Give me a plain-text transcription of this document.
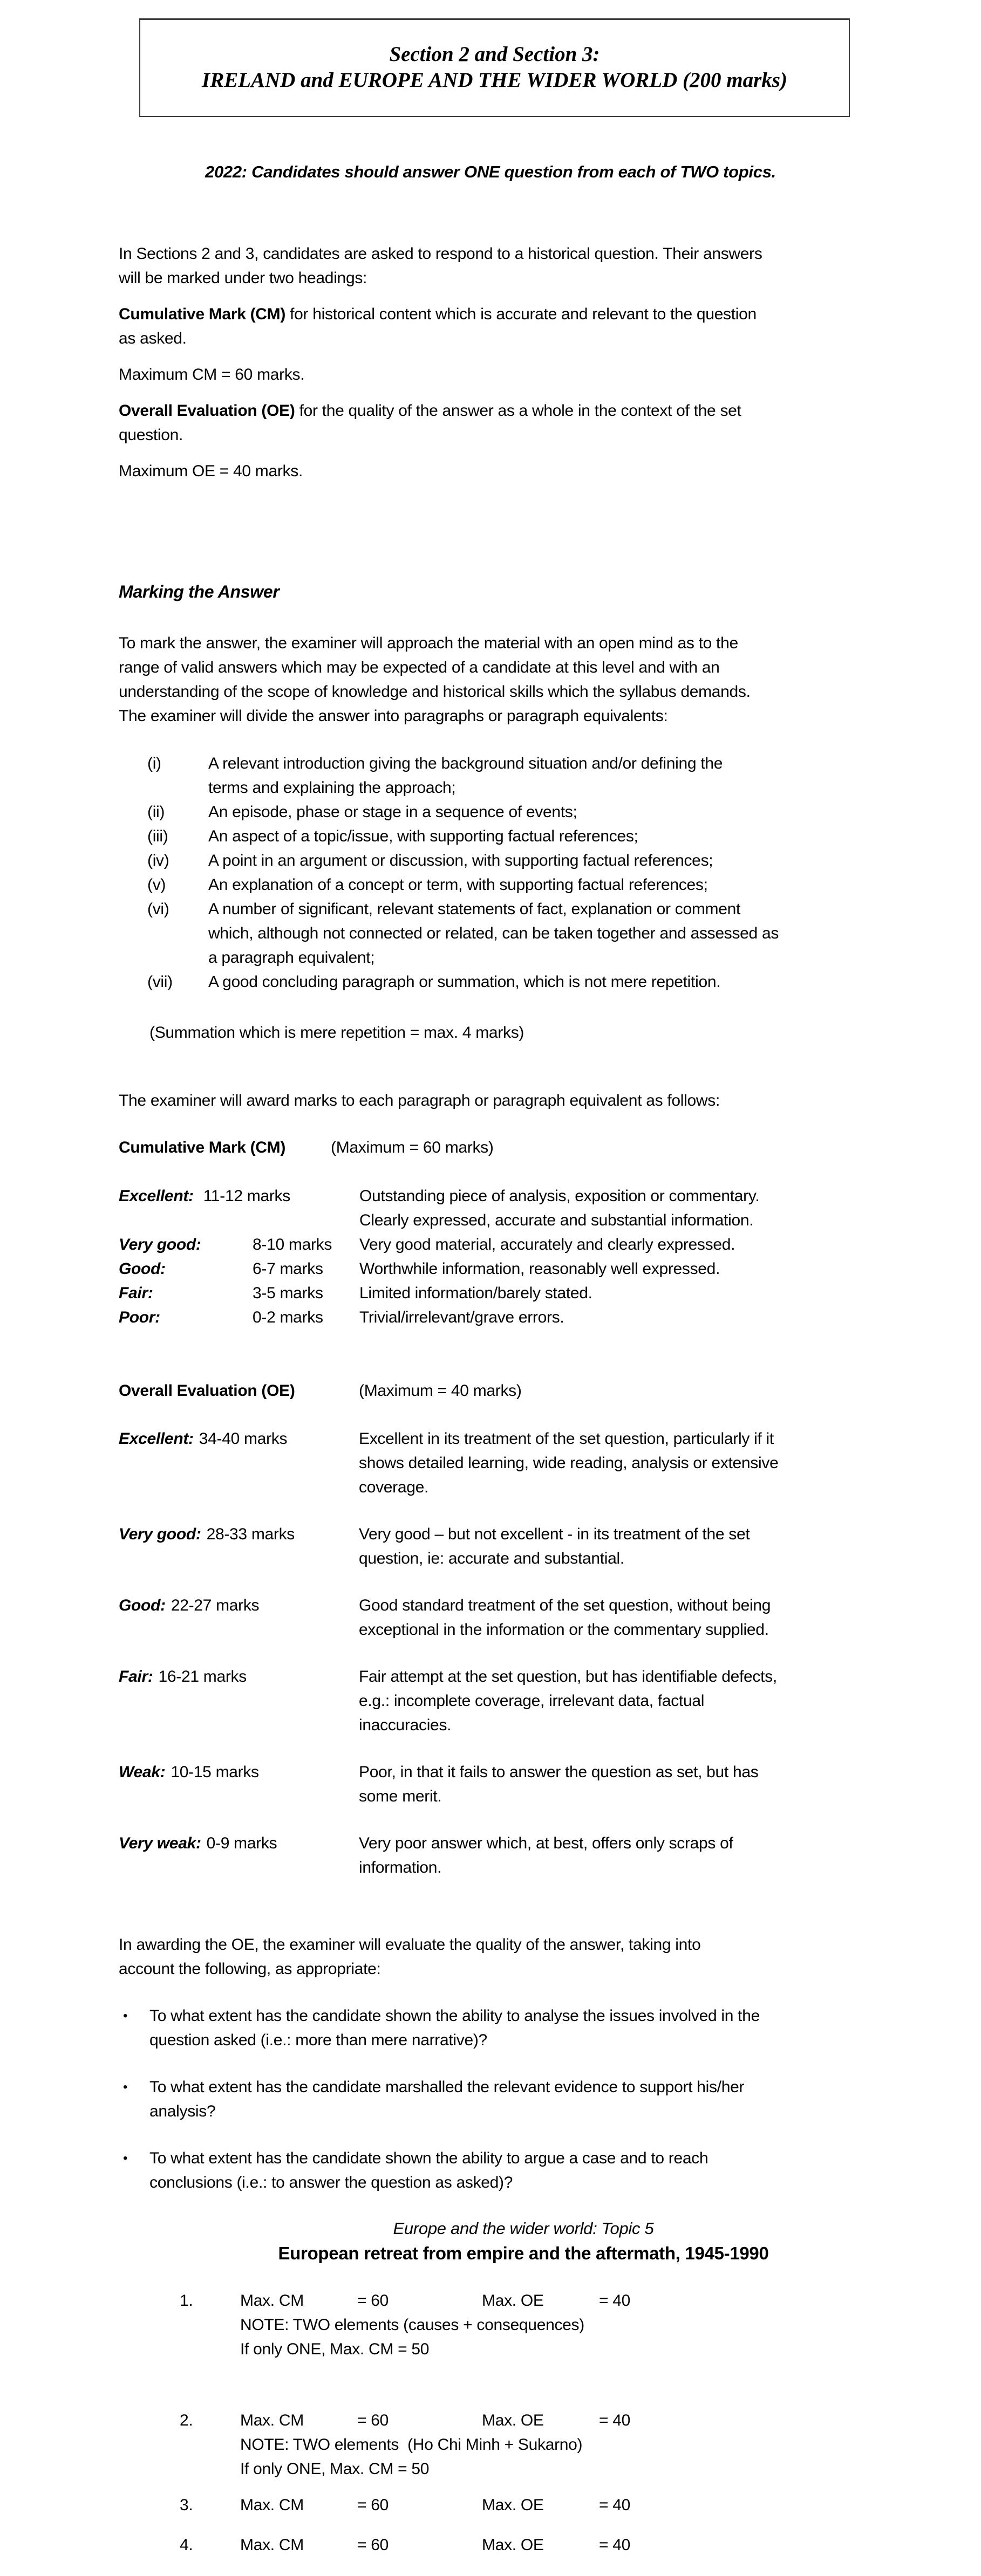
Section 2 and Section 3:
IRELAND and EUROPE AND THE WIDER WORLD (200 marks)
2022: Candidates should answer ONE question from each of TWO topics.
In Sections 2 and 3, candidates are asked to respond to a historical question. Their answers
will be marked under two headings:
Cumulative Mark (CM) for historical content which is accurate and relevant to the question
as asked.
Maximum CM = 60 marks.
Overall Evaluation (OE) for the quality of the answer as a whole in the context of the set
question.
Maximum OE = 40 marks.
Marking the Answer
To mark the answer, the examiner will approach the material with an open mind as to the
range of valid answers which may be expected of a candidate at this level and with an
understanding of the scope of knowledge and historical skills which the syllabus demands.
The examiner will divide the answer into paragraphs or paragraph equivalents:
(i)	A relevant introduction giving the background situation and/or defining the
terms and explaining the approach;
(ii)	An episode, phase or stage in a sequence of events;
(iii)	An aspect of a topic/issue, with supporting factual references;
(iv)	A point in an argument or discussion, with supporting factual references;
(v)	An explanation of a concept or term, with supporting factual references;
(vi)	A number of significant, relevant statements of fact, explanation or comment
which, although not connected or related, can be taken together and assessed as
a paragraph equivalent;
(vii)	A good concluding paragraph or summation, which is not mere repetition.
(Summation which is mere repetition = max. 4 marks)
The examiner will award marks to each paragraph or paragraph equivalent as follows:
Cumulative Mark (CM)	(Maximum = 60 marks)
Excellent: 11-12 marks	Outstanding piece of analysis, exposition or commentary.
Clearly expressed, accurate and substantial information.
Very good:	8-10 marks	Very good material, accurately and clearly expressed.
Good:	6-7 marks	Worthwhile information, reasonably well expressed.
Fair:	3-5 marks	Limited information/barely stated.
Poor:	0-2 marks	Trivial/irrelevant/grave errors.
Overall Evaluation (OE)	(Maximum = 40 marks)
Excellent: 34-40 marks	Excellent in its treatment of the set question, particularly if it
shows detailed learning, wide reading, analysis or extensive
coverage.
Very good: 28-33 marks	Very good – but not excellent - in its treatment of the set
question, ie: accurate and substantial.
Good: 22-27 marks	Good standard treatment of the set question, without being
exceptional in the information or the commentary supplied.
Fair: 16-21 marks	Fair attempt at the set question, but has identifiable defects,
e.g.: incomplete coverage, irrelevant data, factual
inaccuracies.
Weak: 10-15 marks	Poor, in that it fails to answer the question as set, but has
some merit.
Very weak: 0-9 marks	Very poor answer which, at best, offers only scraps of
information.
In awarding the OE, the examiner will evaluate the quality of the answer, taking into
account the following, as appropriate:
•	To what extent has the candidate shown the ability to analyse the issues involved in the
question asked (i.e.: more than mere narrative)?
•	To what extent has the candidate marshalled the relevant evidence to support his/her
analysis?
•	To what extent has the candidate shown the ability to argue a case and to reach
conclusions (i.e.: to answer the question as asked)?
Europe and the wider world: Topic 5
European retreat from empire and the aftermath, 1945-1990
1.	Max. CM	= 60	Max. OE	= 40
NOTE: TWO elements (causes + consequences)
If only ONE, Max. CM = 50
2.	Max. CM	= 60	Max. OE	= 40
NOTE: TWO elements  (Ho Chi Minh + Sukarno)
If only ONE, Max. CM = 50
3.	Max. CM	= 60	Max. OE	= 40
4.	Max. CM	= 60	Max. OE	= 40
